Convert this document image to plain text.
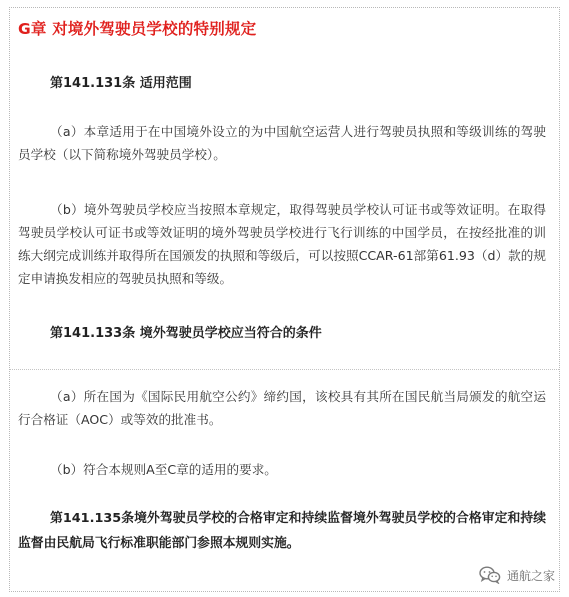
G章 对境外驾驶员学校的特别规定
第141.131条 适用范围

（a）本章适用于在中国境外设立的为中国航空运营人进行驾驶员执照和等级训练的驾驶员学校（以下简称境外驾驶员学校）。

（b）境外驾驶员学校应当按照本章规定，取得驾驶员学校认可证书或等效证明。在取得驾驶员学校认可证书或等效证明的境外驾驶员学校进行飞行训练的中国学员，在按经批准的训练大纲完成训练并取得所在国颁发的执照和等级后，可以按照CCAR-61部第61.93（d）款的规定申请换发相应的驾驶员执照和等级。

第141.133条 境外驾驶员学校应当符合的条件

（a）所在国为《国际民用航空公约》缔约国，该校具有其所在国民航当局颁发的航空运行合格证（AOC）或等效的批准书。

（b）符合本规则A至C章的适用的要求。

第141.135条境外驾驶员学校的合格审定和持续监督境外驾驶员学校的合格审定和持续监督由民航局飞行标准职能部门参照本规则实施。

通航之家
